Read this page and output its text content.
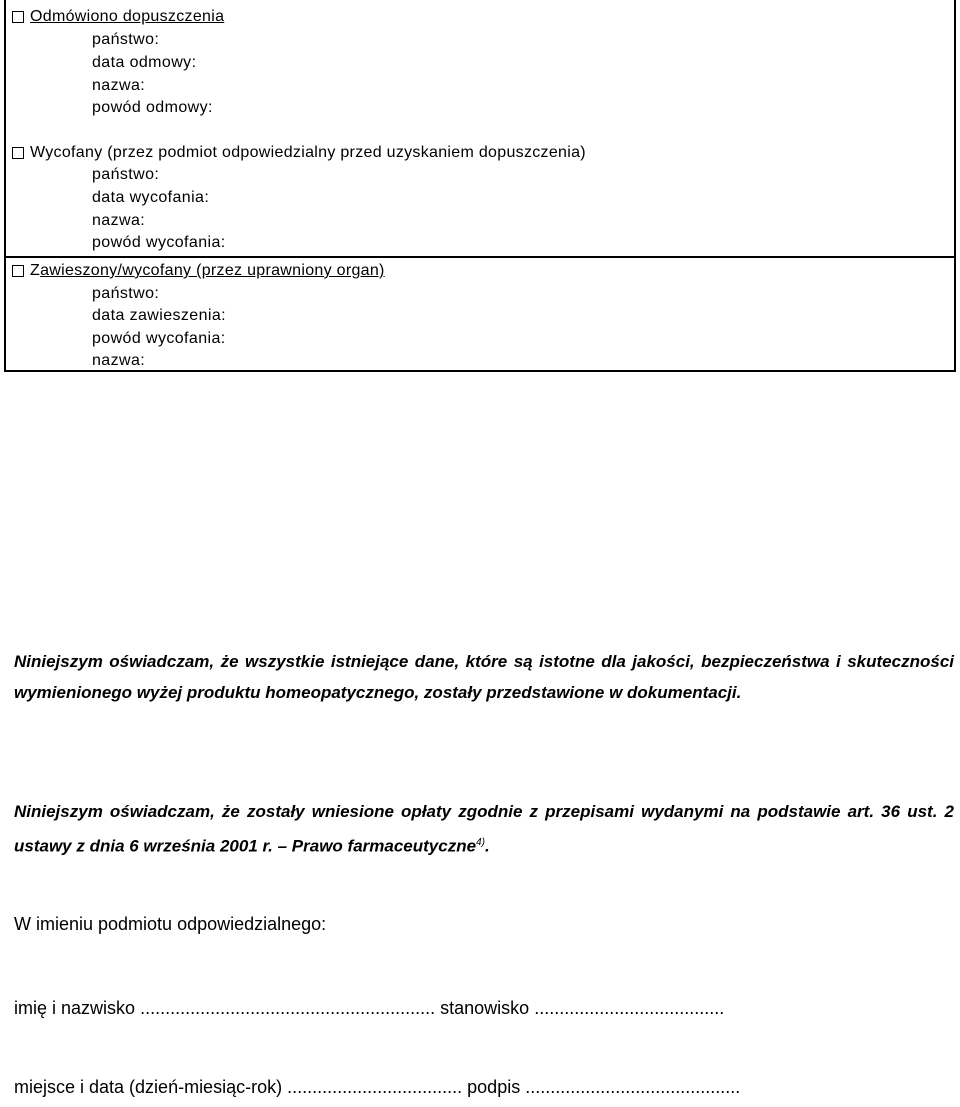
Odmówiono dopuszczenia
państwo:
data odmowy:
nazwa:
powód odmowy:
Wycofany (przez podmiot odpowiedzialny przed uzyskaniem dopuszczenia)
państwo:
data wycofania:
nazwa:
powód wycofania:
Z awieszony/wycofany (przez uprawniony organ)
państwo:
data zawieszenia:
powód wycofania:
nazwa:
Niniejszym oświadczam, że wszystkie istniejące dane, które są istotne dla jakości, bezpieczeństwa i skuteczności wymienionego wyżej produktu homeopatycznego, zostały przedstawione w dokumentacji.
Niniejszym oświadczam, że zostały wniesione opłaty zgodnie z przepisami wydanymi na podstawie art. 36 ust. 2 ustawy z dnia 6 września 2001 r. – Prawo farmaceutyczne$^{4)}$.
W imieniu podmiotu odpowiedzialnego:
imię i nazwisko ........................................................... stanowisko ......................................
miejsce i data (dzień-miesiąc-rok) ................................... podpis ...........................................
